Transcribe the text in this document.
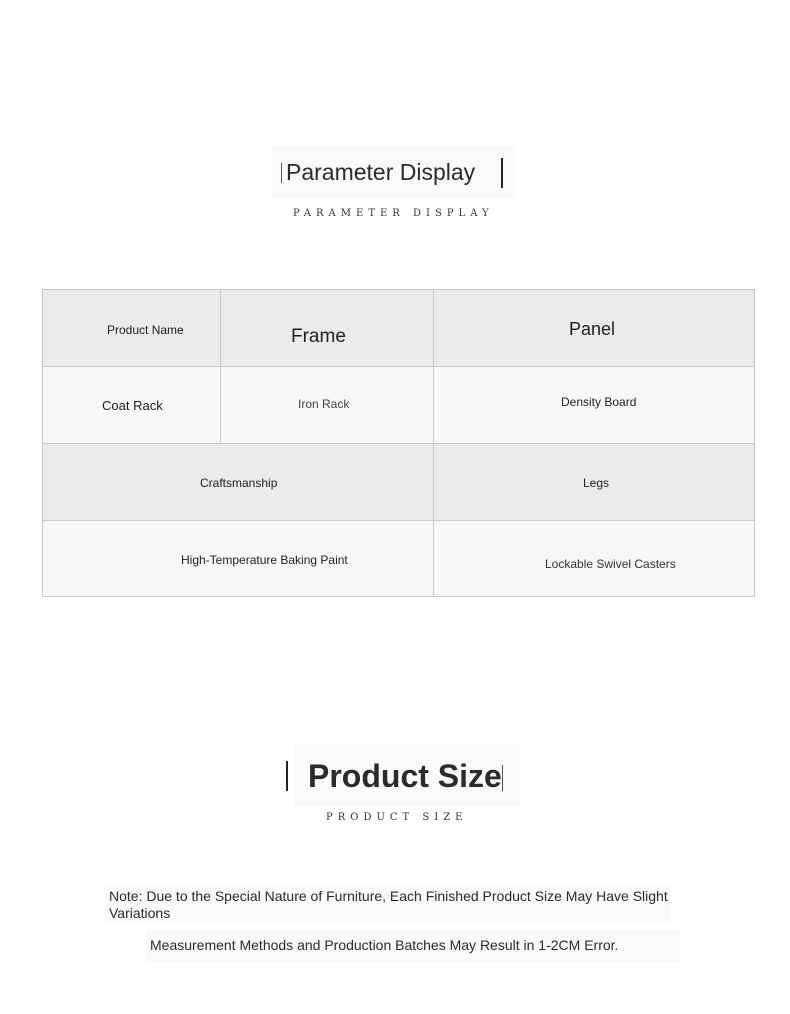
Parameter Display
PARAMETER DISPLAY
Product Name	Frame	Panel
Coat Rack	Iron Rack	Density Board
Craftsmanship	Legs
High-Temperature Baking Paint	Lockable Swivel Casters
Product Size
PRODUCT SIZE
Note: Due to the Special Nature of Furniture, Each Finished Product Size May Have Slight Variations
Measurement Methods and Production Batches May Result in 1-2CM Error.
